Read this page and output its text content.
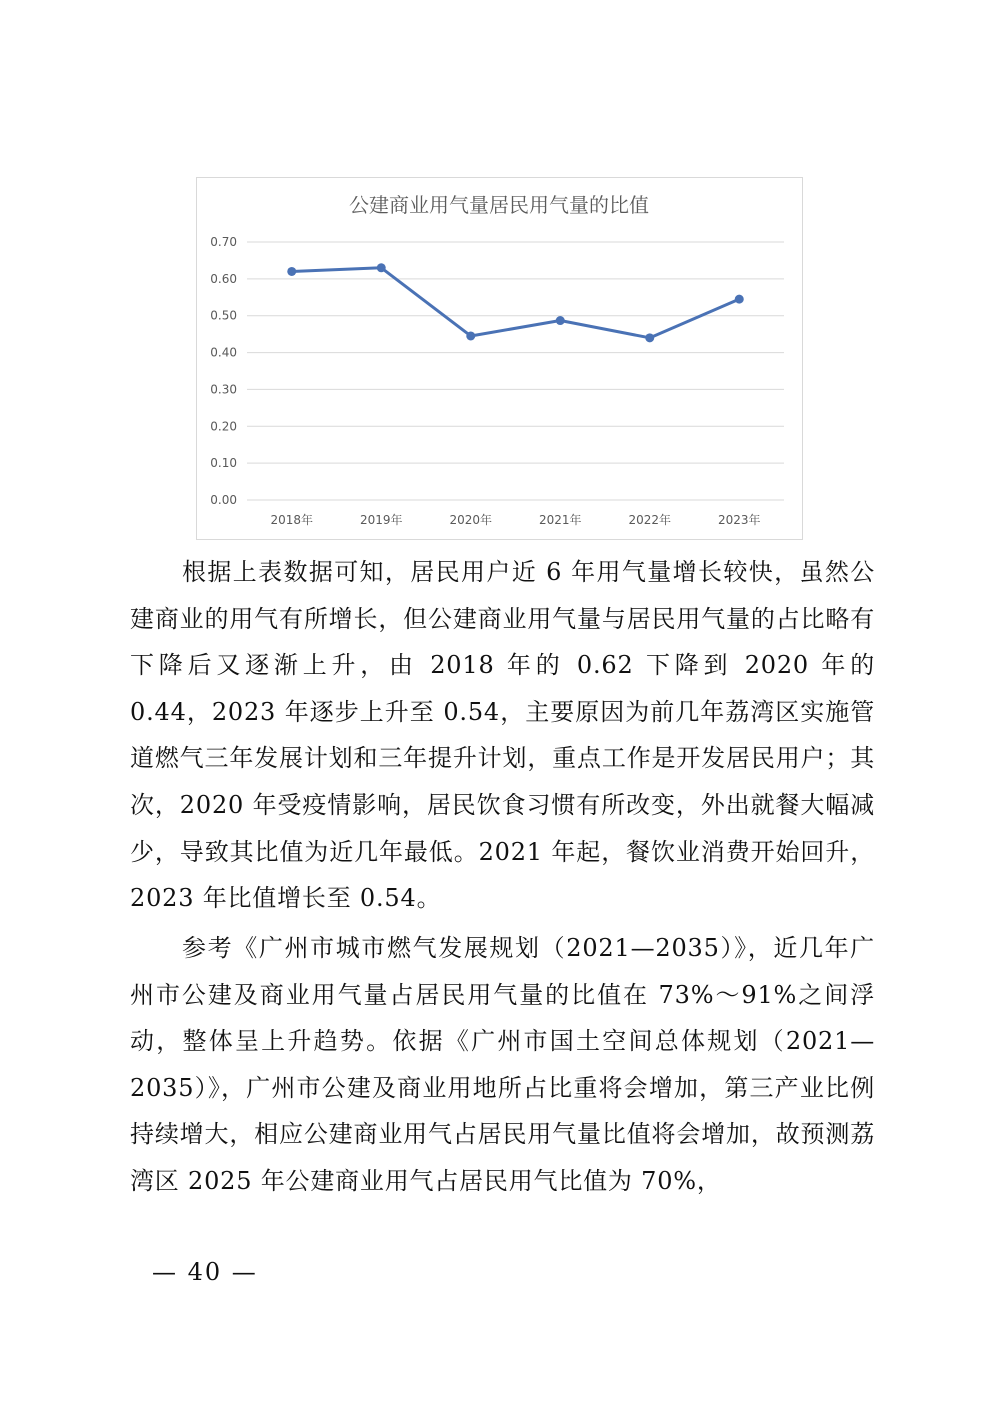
公建商业用气量居民用气量的比值
0.00
0.10
0.20
0.30
0.40
0.50
0.60
0.70
2018年	2019年	2020年	2021年	2022年	2023年

根据上表数据可知，居民用户近 6 年用气量增长较快，虽然公建商业的用气有所增长，但公建商业用气量与居民用气量的占比略有下降后又逐渐上升，由 2018 年的 0.62 下降到 2020 年的 0.44，2023 年逐步上升至 0.54，主要原因为前几年荔湾区实施管道燃气三年发展计划和三年提升计划，重点工作是开发居民用户；其次，2020 年受疫情影响，居民饮食习惯有所改变，外出就餐大幅减少，导致其比值为近几年最低。2021 年起，餐饮业消费开始回升，2023 年比值增长至 0.54。

参考《广州市城市燃气发展规划（2021—2035）》，近几年广州市公建及商业用气量占居民用气量的比值在 73%～91%之间浮动，整体呈上升趋势。依据《广州市国土空间总体规划（2021—2035）》，广州市公建及商业用地所占比重将会增加，第三产业比例持续增大，相应公建商业用气占居民用气量比值将会增加，故预测荔湾区 2025 年公建商业用气占居民用气比值为 70%，

— 40 —
